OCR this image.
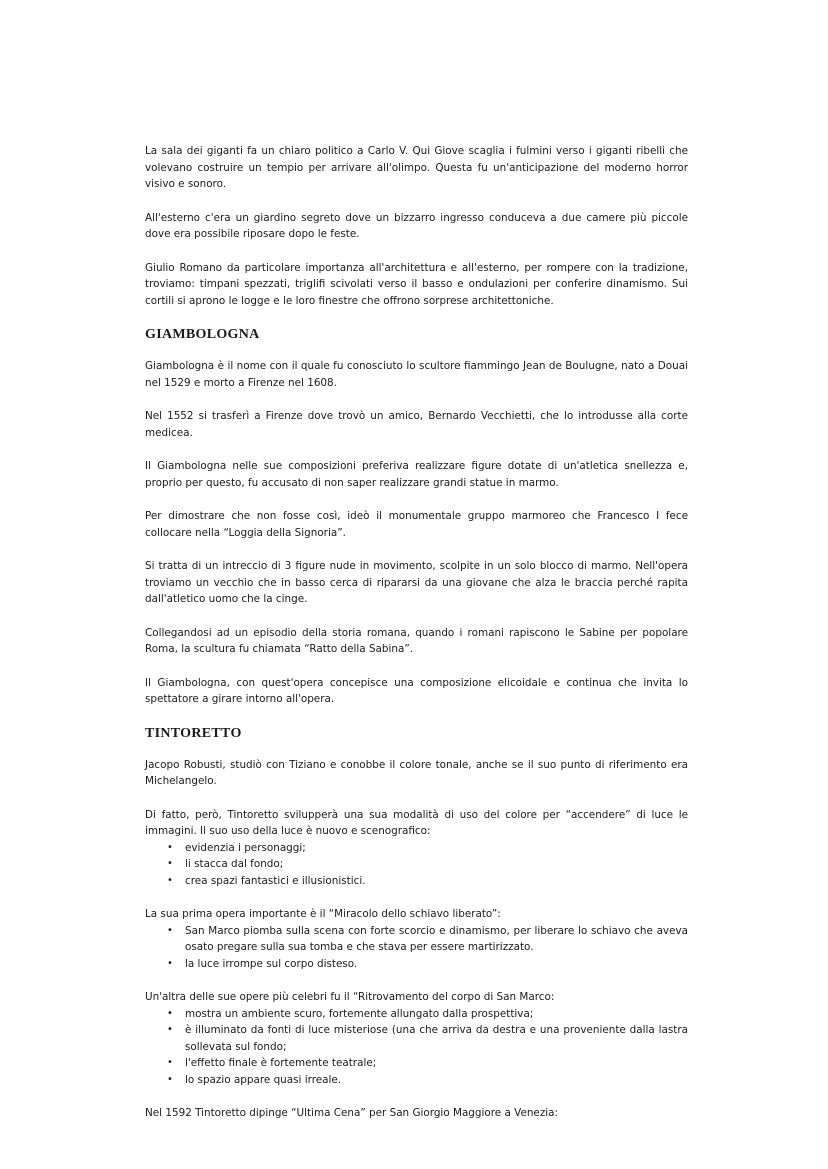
La sala dei giganti fa un chiaro politico a Carlo V. Qui Giove scaglia i fulmini verso i giganti ribelli che volevano costruire un tempio per arrivare all'olimpo. Questa fu un'anticipazione del moderno horror visivo e sonoro.

All'esterno c'era un giardino segreto dove un bizzarro ingresso conduceva a due camere più piccole dove era possibile riposare dopo le feste.

Giulio Romano da particolare importanza all'architettura e all'esterno, per rompere con la tradizione, troviamo: timpani spezzati, triglifi scivolati verso il basso e ondulazioni per conferire dinamismo. Sui cortili si aprono le logge e le loro finestre che offrono sorprese architettoniche.

GIAMBOLOGNA

Giambologna è il nome con il quale fu conosciuto lo scultore fiammingo Jean de Boulugne, nato a Douai nel 1529 e morto a Firenze nel 1608.

Nel 1552 si trasferì a Firenze dove trovò un amico, Bernardo Vecchietti, che lo introdusse alla corte medicea.

Il Giambologna nelle sue composizioni preferiva realizzare figure dotate di un'atletica snellezza e, proprio per questo, fu accusato di non saper realizzare grandi statue in marmo.

Per dimostrare che non fosse così, ideò il monumentale gruppo marmoreo che Francesco I fece collocare nella “Loggia della Signoria”.

Si tratta di un intreccio di 3 figure nude in movimento, scolpite in un solo blocco di marmo. Nell'opera troviamo un vecchio che in basso cerca di ripararsi da una giovane che alza le braccia perché rapita dall'atletico uomo che la cinge.

Collegandosi ad un episodio della storia romana, quando i romani rapiscono le Sabine per popolare Roma, la scultura fu chiamata “Ratto della Sabina”.

Il Giambologna, con quest'opera concepisce una composizione elicoidale e continua che invita lo spettatore a girare intorno all'opera.

TINTORETTO

Jacopo Robusti, studiò con Tiziano e conobbe il colore tonale, anche se il suo punto di riferimento era Michelangelo.

Di fatto, però, Tintoretto svilupperà una sua modalità di uso del colore per “accendere” di luce le immagini. Il suo uso della luce è nuovo e scenografico:

• evidenzia i personaggi;
• li stacca dal fondo;
• crea spazi fantastici e illusionistici.

La sua prima opera importante è il “Miracolo dello schiavo liberato”:

• San Marco piomba sulla scena con forte scorcio e dinamismo, per liberare lo schiavo che aveva osato pregare sulla sua tomba e che stava per essere martirizzato.
• la luce irrompe sul corpo disteso.

Un'altra delle sue opere più celebri fu il “Ritrovamento del corpo di San Marco:

• mostra un ambiente scuro, fortemente allungato dalla prospettiva;
• è illuminato da fonti di luce misteriose (una che arriva da destra e una proveniente dalla lastra sollevata sul fondo;
• l'effetto finale è fortemente teatrale;
• lo spazio appare quasi irreale.

Nel 1592 Tintoretto dipinge “Ultima Cena” per San Giorgio Maggiore a Venezia:
